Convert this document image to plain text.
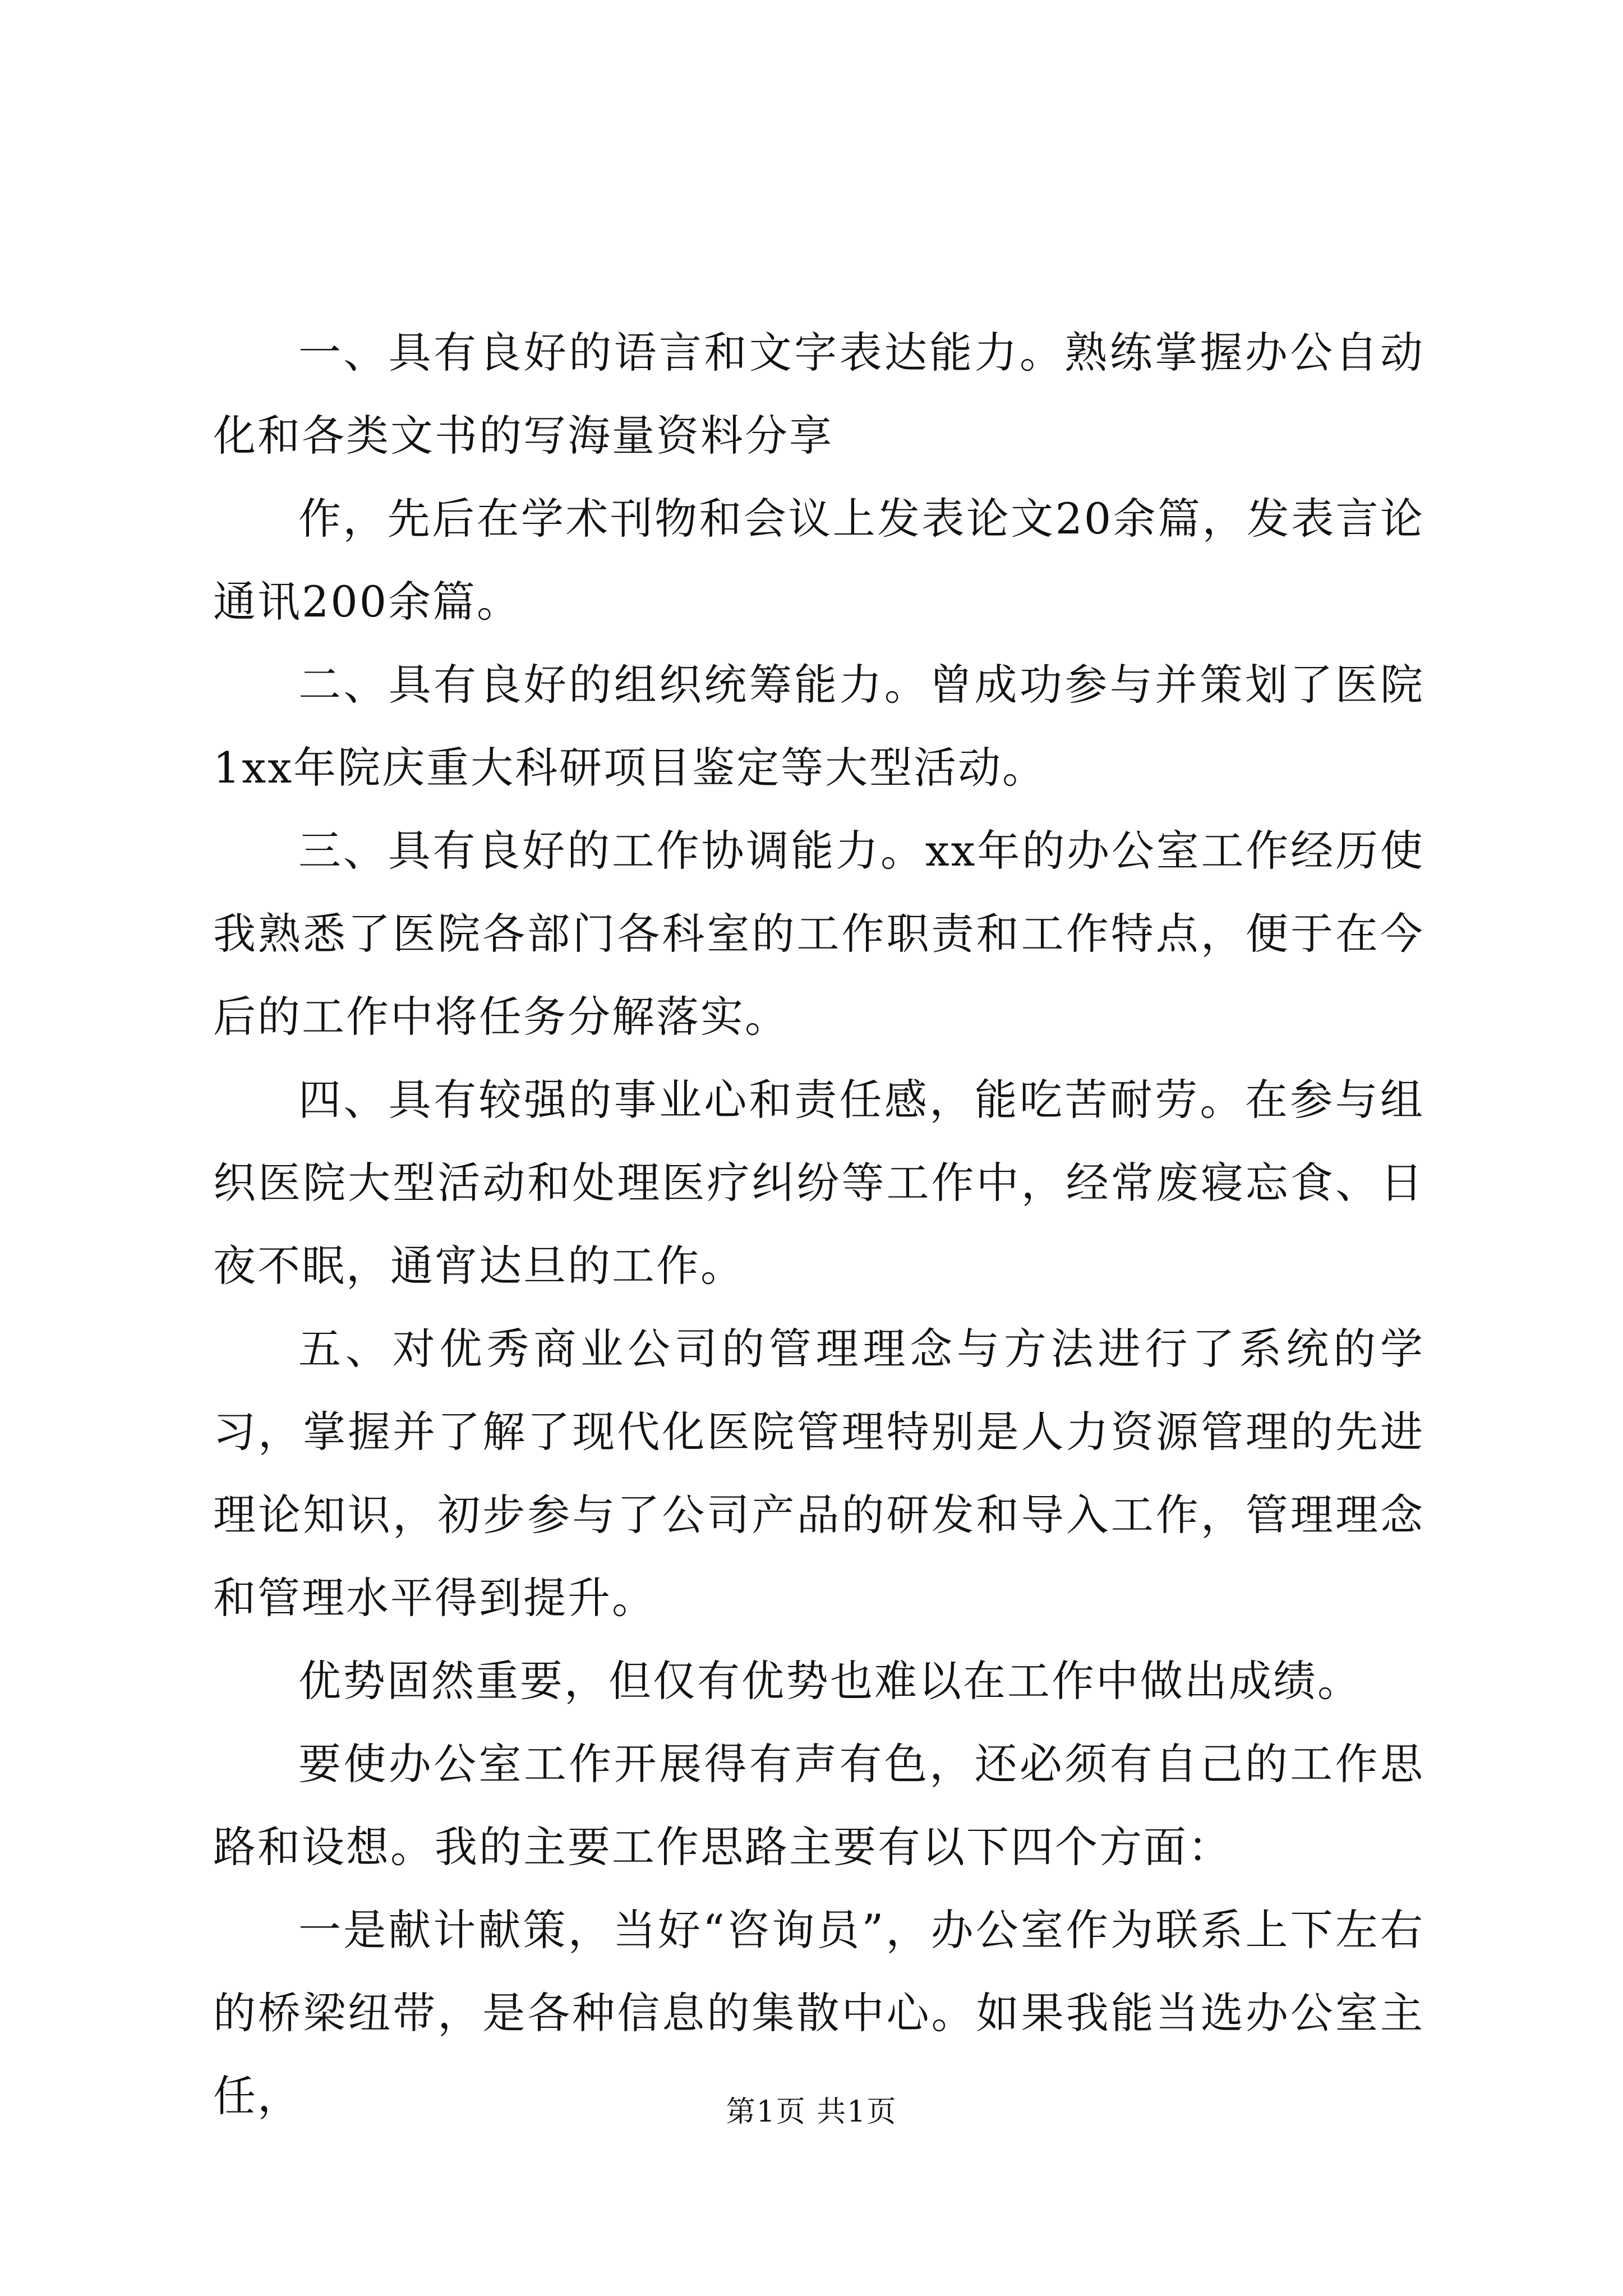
一、具有良好的语言和文字表达能力。熟练掌握办公自动化和各类文书的写海量资料分享

作，先后在学术刊物和会议上发表论文20余篇，发表言论通讯200余篇。

二、具有良好的组织统筹能力。曾成功参与并策划了医院1xx年院庆重大科研项目鉴定等大型活动。

三、具有良好的工作协调能力。xx年的办公室工作经历使我熟悉了医院各部门各科室的工作职责和工作特点，便于在今后的工作中将任务分解落实。

四、具有较强的事业心和责任感，能吃苦耐劳。在参与组织医院大型活动和处理医疗纠纷等工作中，经常废寝忘食、日夜不眠，通宵达旦的工作。

五、对优秀商业公司的管理理念与方法进行了系统的学习，掌握并了解了现代化医院管理特别是人力资源管理的先进理论知识，初步参与了公司产品的研发和导入工作，管理理念和管理水平得到提升。

优势固然重要，但仅有优势也难以在工作中做出成绩。

要使办公室工作开展得有声有色，还必须有自己的工作思路和设想。我的主要工作思路主要有以下四个方面：

一是献计献策，当好“咨询员”，办公室作为联系上下左右的桥梁纽带，是各种信息的集散中心。如果我能当选办公室主任，	第1页 共1页
